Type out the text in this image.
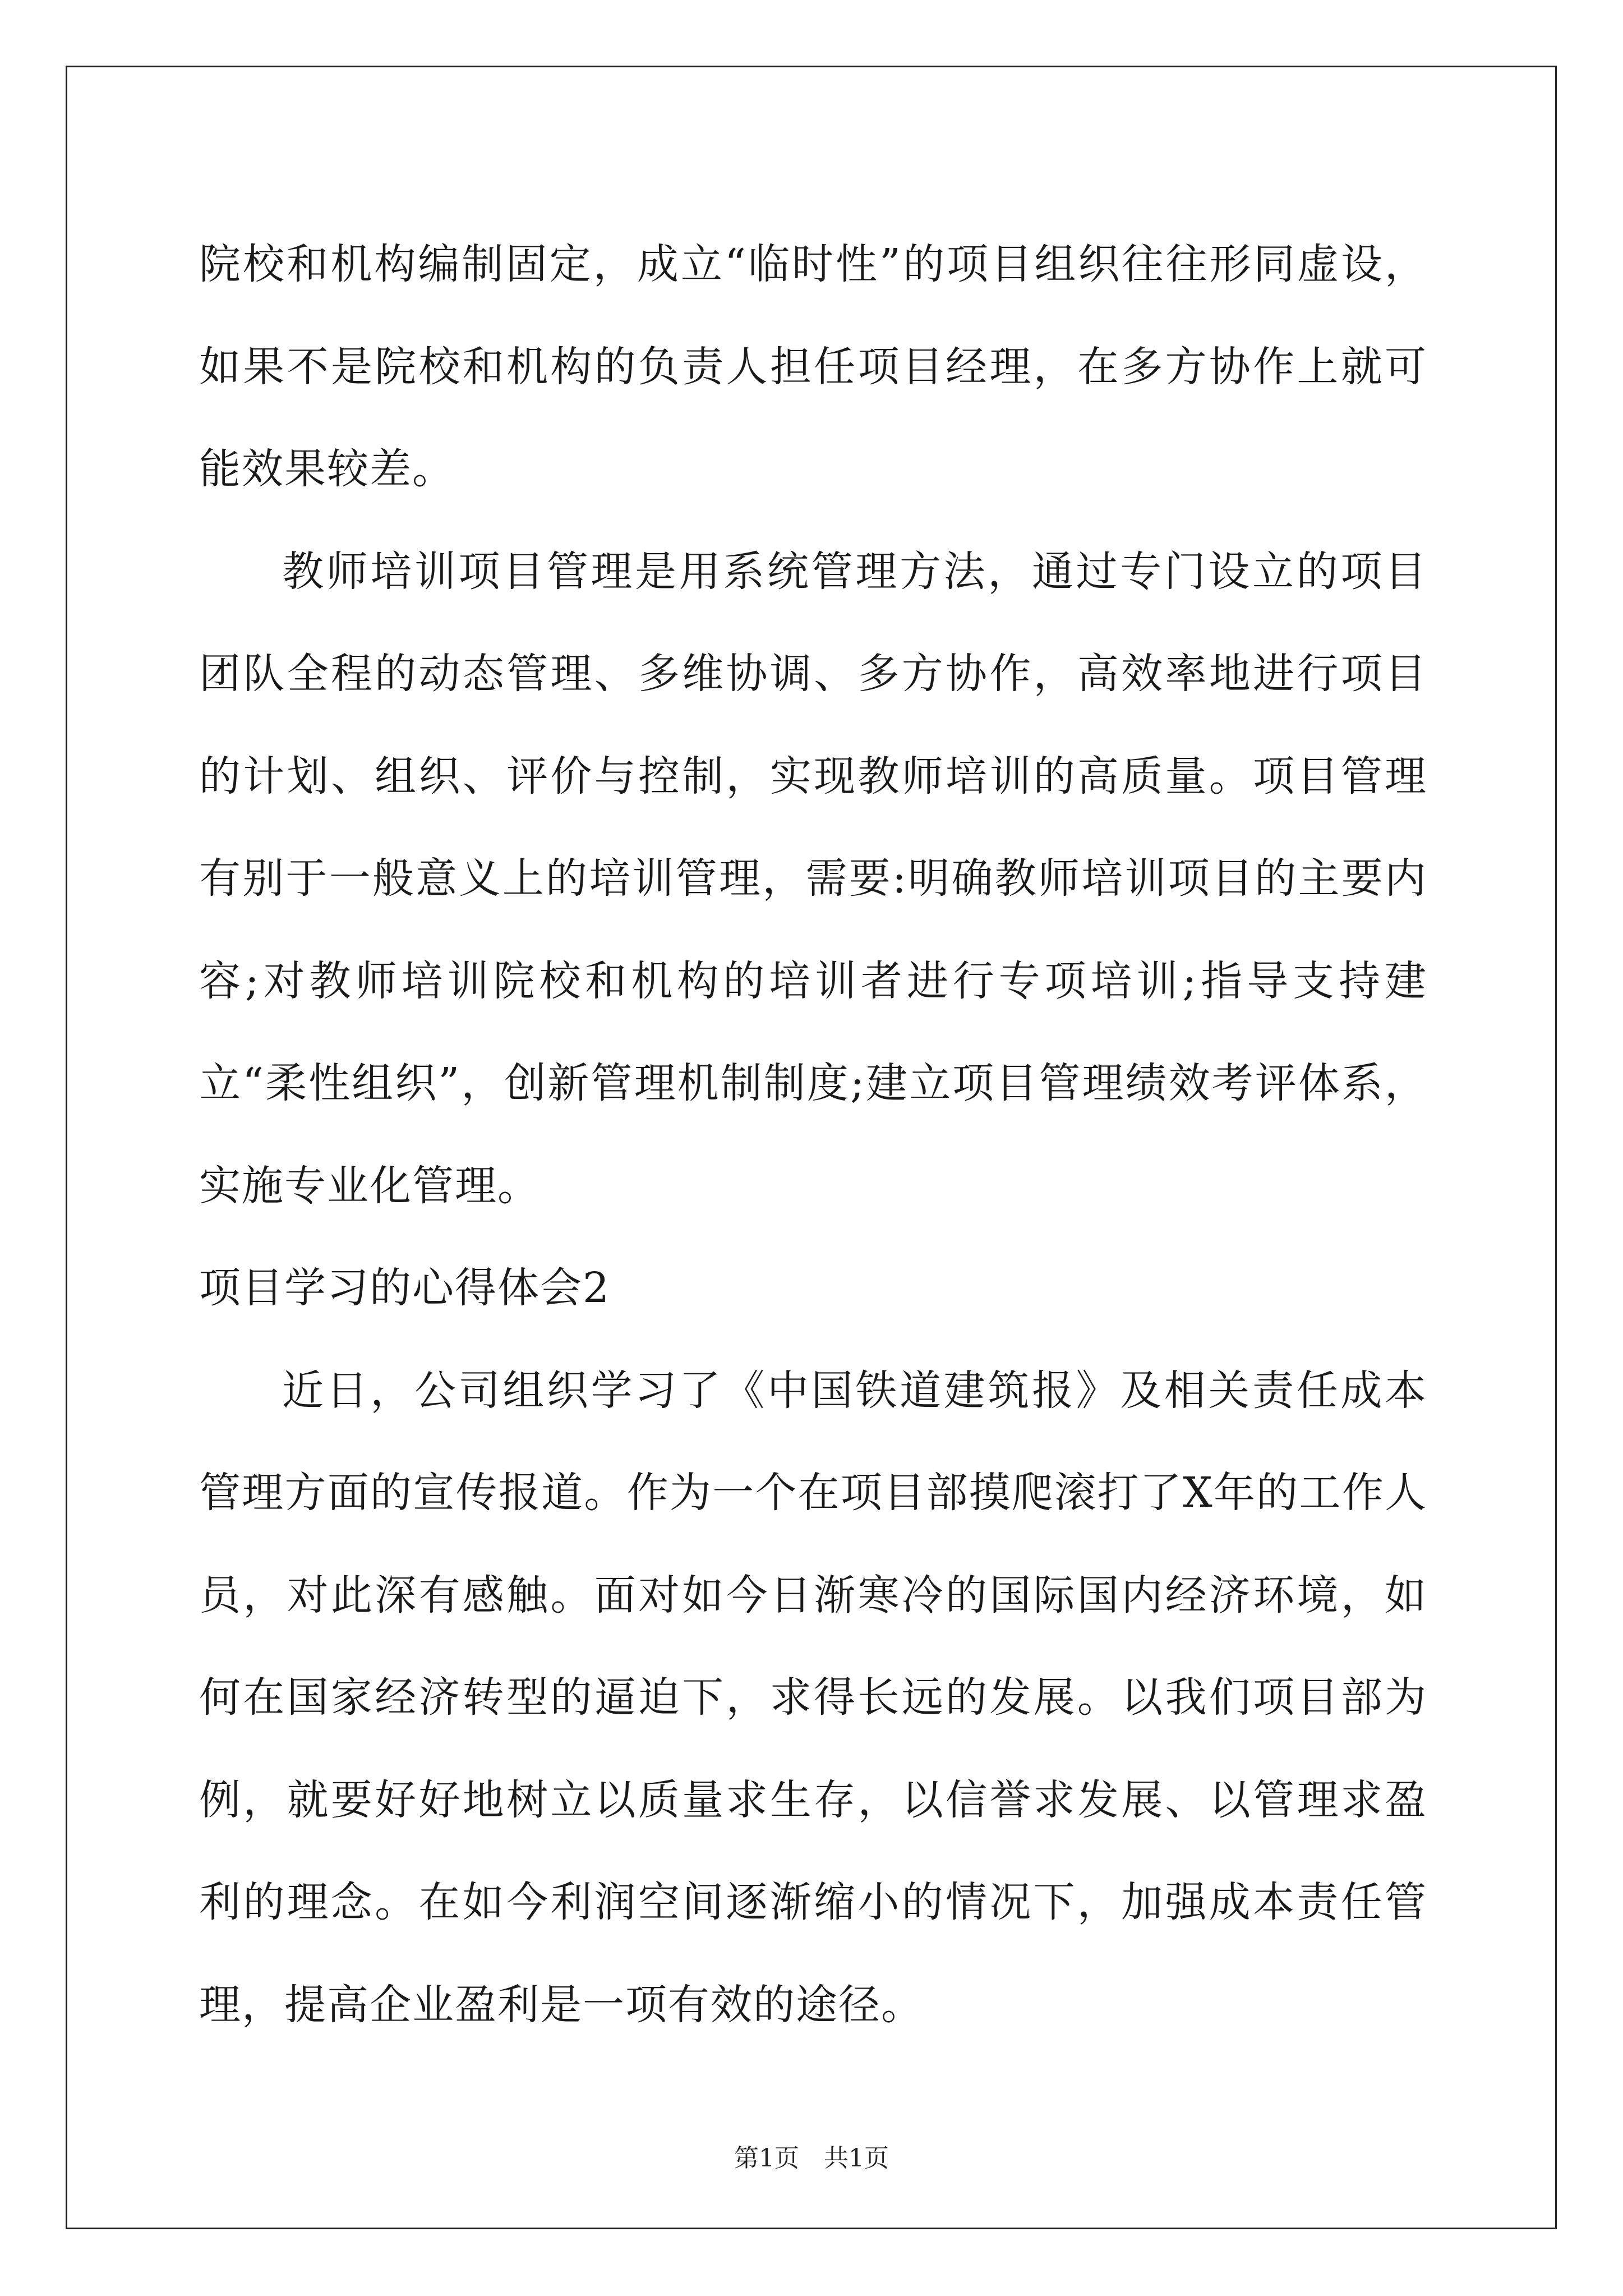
院校和机构编制固定，成立“临时性”的项目组织往往形同虚设，如果不是院校和机构的负责人担任项目经理，在多方协作上就可能效果较差。

教师培训项目管理是用系统管理方法，通过专门设立的项目团队全程的动态管理、多维协调、多方协作，高效率地进行项目的计划、组织、评价与控制，实现教师培训的高质量。项目管理有别于一般意义上的培训管理，需要:明确教师培训项目的主要内容;对教师培训院校和机构的培训者进行专项培训;指导支持建立“柔性组织”，创新管理机制制度;建立项目管理绩效考评体系，实施专业化管理。

项目学习的心得体会2

近日，公司组织学习了《中国铁道建筑报》及相关责任成本管理方面的宣传报道。作为一个在项目部摸爬滚打了X年的工作人员，对此深有感触。面对如今日渐寒冷的国际国内经济环境，如何在国家经济转型的逼迫下，求得长远的发展。以我们项目部为例，就要好好地树立以质量求生存，以信誉求发展、以管理求盈利的理念。在如今利润空间逐渐缩小的情况下，加强成本责任管理，提高企业盈利是一项有效的途径。

第1页　共1页
